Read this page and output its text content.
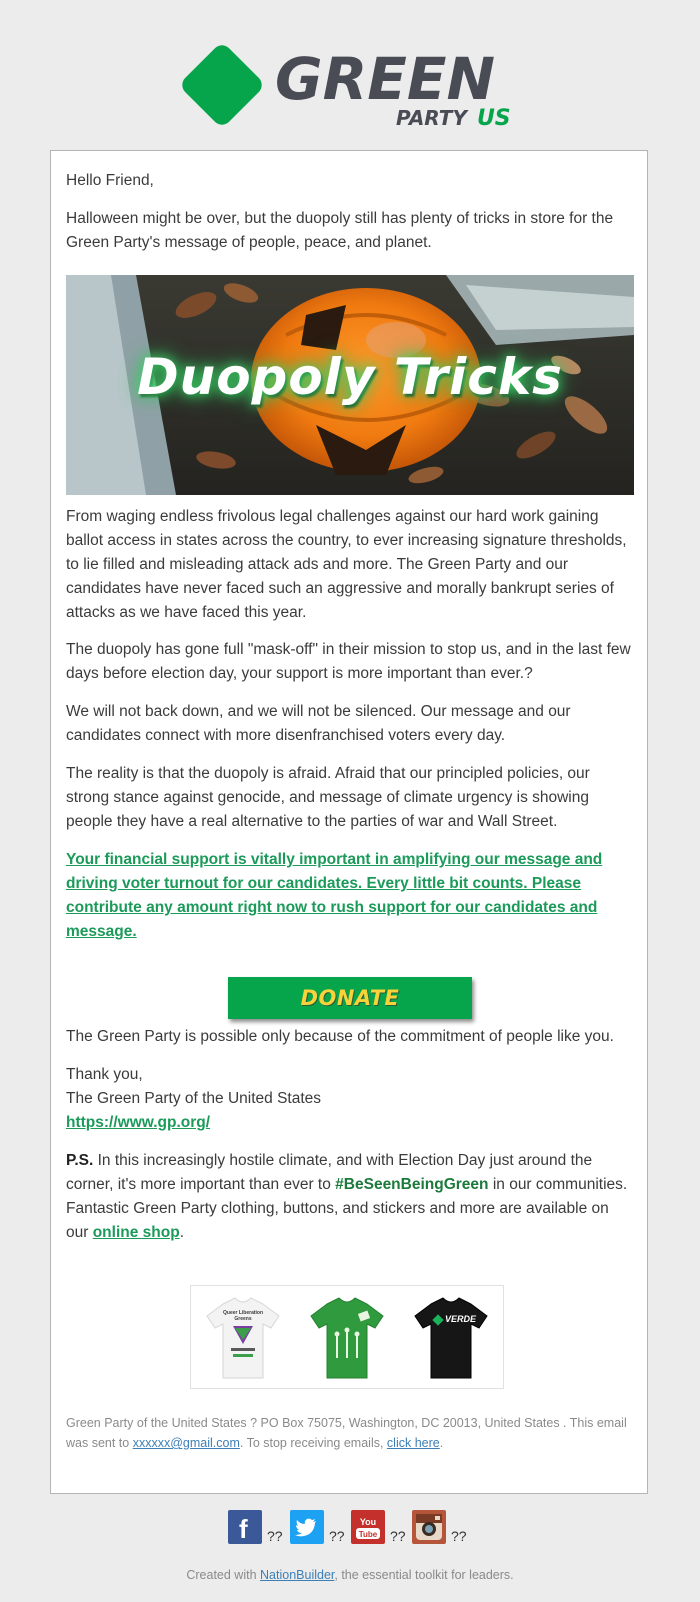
GREEN
PARTY US

Hello Friend,

Halloween might be over, but the duopoly still has plenty of tricks in store for the Green Party's message of people, peace, and planet.

Duopoly Tricks

From waging endless frivolous legal challenges against our hard work gaining ballot access in states across the country, to ever increasing signature thresholds, to lie filled and misleading attack ads and more. The Green Party and our candidates have never faced such an aggressive and morally bankrupt series of attacks as we have faced this year.

The duopoly has gone full "mask-off" in their mission to stop us, and in the last few days before election day, your support is more important than ever.?

We will not back down, and we will not be silenced. Our message and our candidates connect with more disenfranchised voters every day.

The reality is that the duopoly is afraid. Afraid that our principled policies, our strong stance against genocide, and message of climate urgency is showing people they have a real alternative to the parties of war and Wall Street.

Your financial support is vitally important in amplifying our message and driving voter turnout for our candidates. Every little bit counts. Please contribute any amount right now to rush support for our candidates and message.

DONATE

The Green Party is possible only because of the commitment of people like you.

Thank you,

The Green Party of the United States

https://www.gp.org/

P.S. In this increasingly hostile climate, and with Election Day just around the corner, it's more important than ever to #BeSeenBeingGreen in our communities. Fantastic Green Party clothing, buttons, and stickers and more are available on our online shop.

Queer Liberation Greens	VERDE
Green Party of the United States ? PO Box 75075, Washington, DC 20013, United States . This email was sent to xxxxxx@gmail.com. To stop receiving emails, click here.
f ??	??
You
Tube ??	??
Created with NationBuilder, the essential toolkit for leaders.
